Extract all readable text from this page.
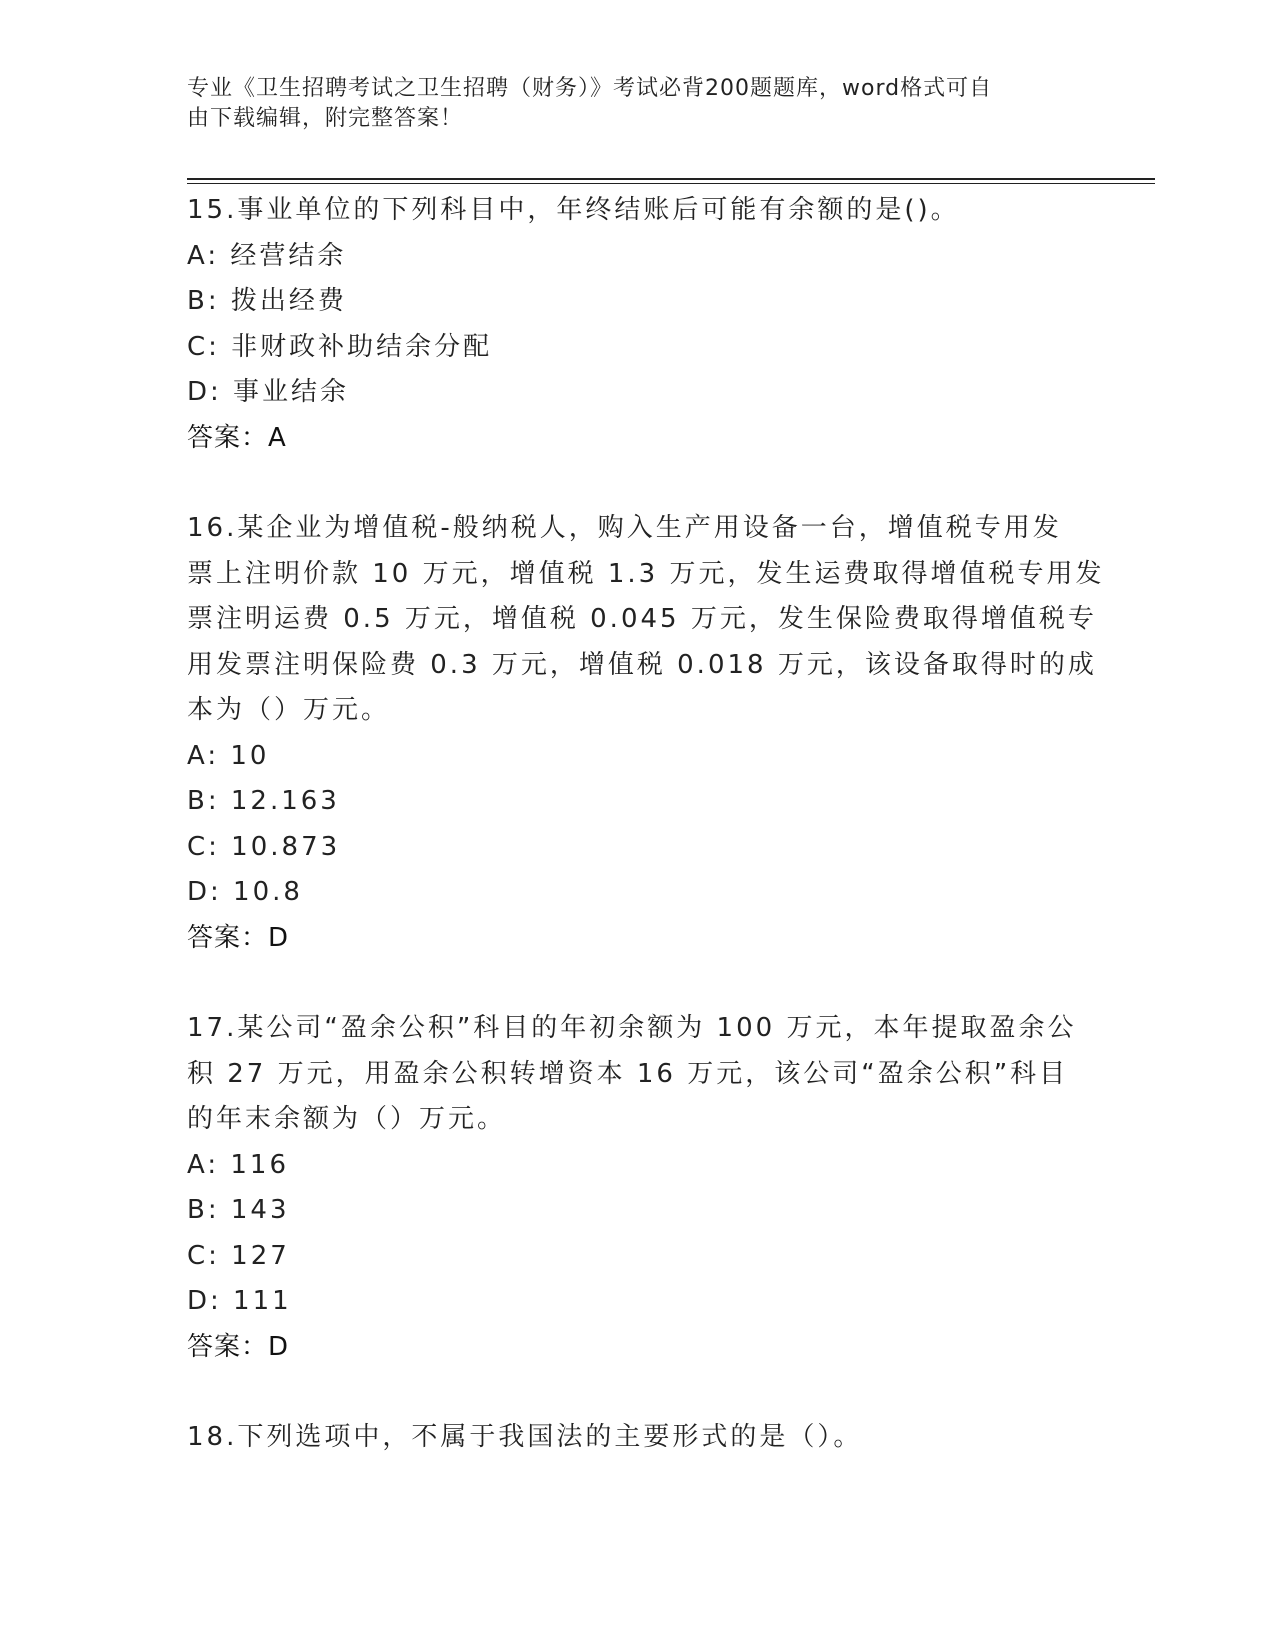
专业《卫生招聘考试之卫生招聘（财务）》考试必背200题题库，word格式可自
由下载编辑，附完整答案！
15.事业单位的下列科目中，年终结账后可能有余额的是()。
A: 经营结余
B: 拨出经费
C: 非财政补助结余分配
D: 事业结余
答案：A
16.某企业为增值税-般纳税人，购入生产用设备一台，增值税专用发
票上注明价款 10 万元，增值税 1.3 万元，发生运费取得增值税专用发
票注明运费 0.5 万元，增值税 0.045 万元，发生保险费取得增值税专
用发票注明保险费 0.3 万元，增值税 0.018 万元，该设备取得时的成
本为（）万元。
A: 10
B: 12.163
C: 10.873
D: 10.8
答案：D
17.某公司“盈余公积”科目的年初余额为 100 万元，本年提取盈余公
积 27 万元，用盈余公积转增资本 16 万元，该公司“盈余公积”科目
的年末余额为（）万元。
A: 116
B: 143
C: 127
D: 111
答案：D
18.下列选项中，不属于我国法的主要形式的是（）。
